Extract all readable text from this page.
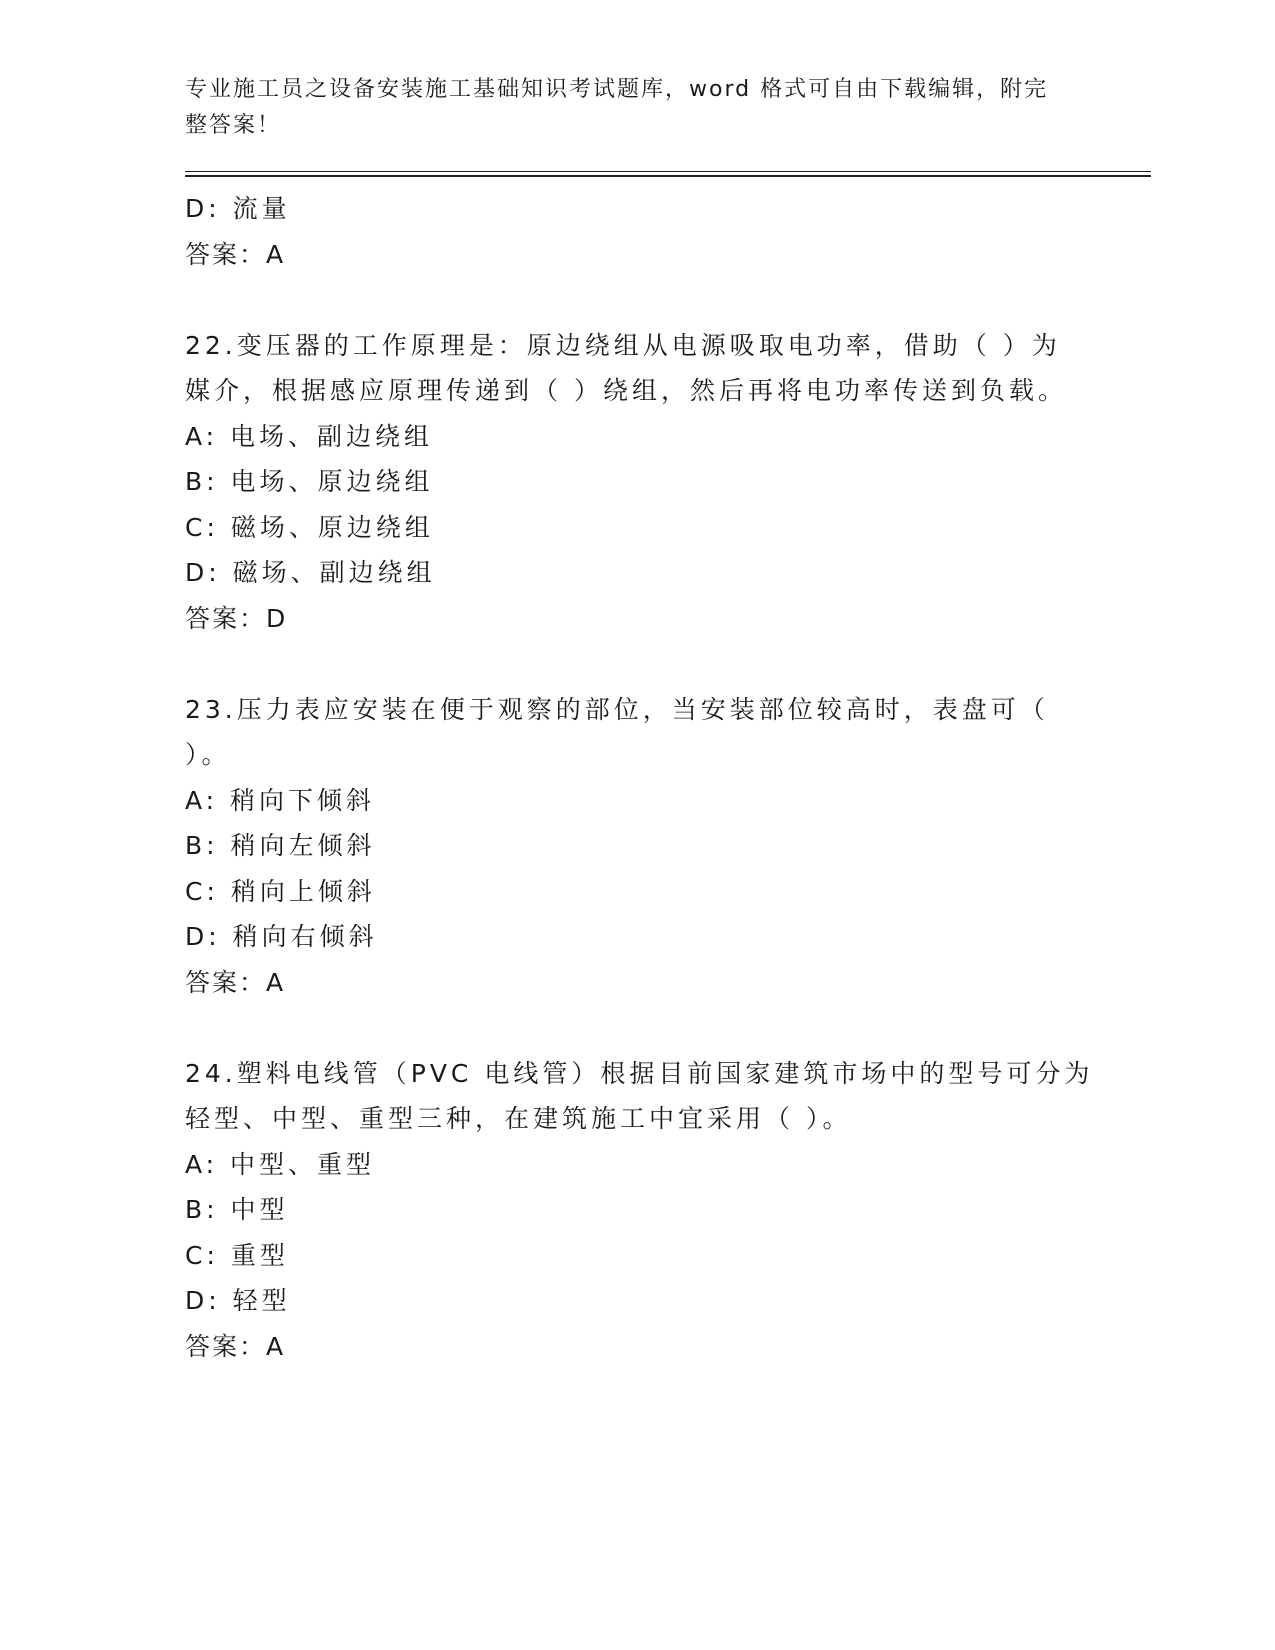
专业施工员之设备安装施工基础知识考试题库，word 格式可自由下载编辑，附完整答案！
D: 流量
答案：A
22.变压器的工作原理是：原边绕组从电源吸取电功率，借助（ ）为
媒介，根据感应原理传递到（ ）绕组，然后再将电功率传送到负载。
A: 电场、副边绕组
B: 电场、原边绕组
C: 磁场、原边绕组
D: 磁场、副边绕组
答案：D
23.压力表应安装在便于观察的部位，当安装部位较高时，表盘可（
）。
A: 稍向下倾斜
B: 稍向左倾斜
C: 稍向上倾斜
D: 稍向右倾斜
答案：A
24.塑料电线管（PVC 电线管）根据目前国家建筑市场中的型号可分为
轻型、中型、重型三种，在建筑施工中宜采用（ ）。
A: 中型、重型
B: 中型
C: 重型
D: 轻型
答案：A
